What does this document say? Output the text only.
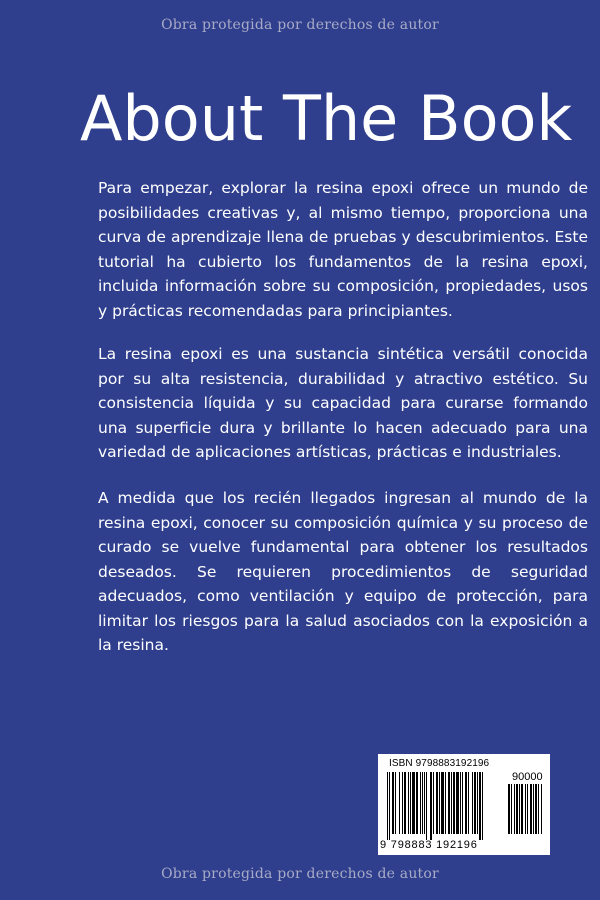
Obra protegida por derechos de autor
About The Book

Para empezar, explorar la resina epoxi ofrece un mundo de posibilidades creativas y, al mismo tiempo, proporciona una curva de aprendizaje llena de pruebas y descubrimientos. Este tutorial ha cubierto los fundamentos de la resina epoxi, incluida información sobre su composición, propiedades, usos y prácticas recomendadas para principiantes.

La resina epoxi es una sustancia sintética versátil conocida por su alta resistencia, durabilidad y atractivo estético. Su consistencia líquida y su capacidad para curarse formando una superficie dura y brillante lo hacen adecuado para una variedad de aplicaciones artísticas, prácticas e industriales.

A medida que los recién llegados ingresan al mundo de la resina epoxi, conocer su composición química y su proceso de curado se vuelve fundamental para obtener los resultados deseados. Se requieren procedimientos de seguridad adecuados, como ventilación y equipo de protección, para limitar los riesgos para la salud asociados con la exposición a la resina.

ISBN 9798883192196
90000
9 798883 192196
Obra protegida por derechos de autor
